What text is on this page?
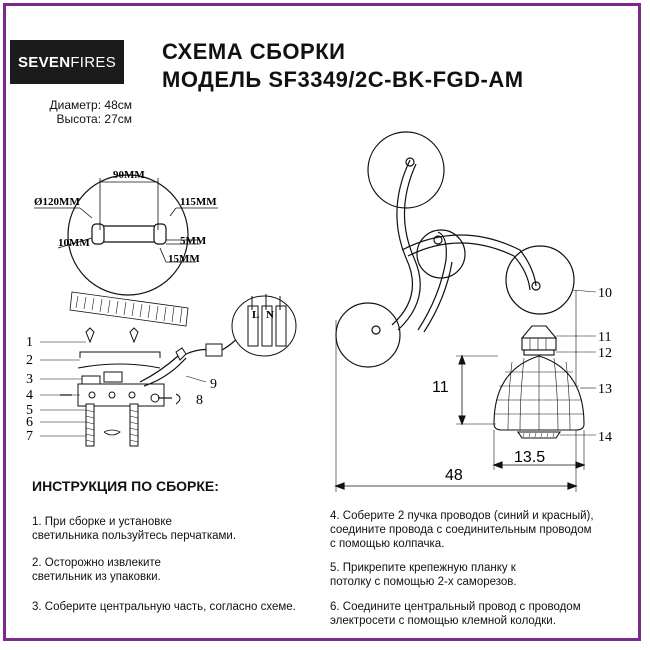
SEVEN FIRES СХЕМА СБОРКИ
МОДЕЛЬ SF3349/2C-BK-FGD-AM
Диаметр: 48см
Высота: 27см
90MM
Ø120MM	115MM
10MM	5MM
15MM
L N
1
2
3
4
5
6
7
8
9
10
48
11
12
13
14
11
13.5
ИНСТРУКЦИЯ ПО СБОРКЕ:
1. При сборке и установке
светильника пользуйтесь перчатками.
2. Осторожно извлеките
светильник из упаковки.
3. Соберите центральную часть, согласно схеме.
4. Соберите 2 пучка проводов (синий и красный),
соедините провода с соединительным проводом
с помощью колпачка.
5. Прикрепите крепежную планку к
потолку с помощью 2-х саморезов.
6. Соедините центральный провод с проводом
электросети с помощью клемной колодки.
